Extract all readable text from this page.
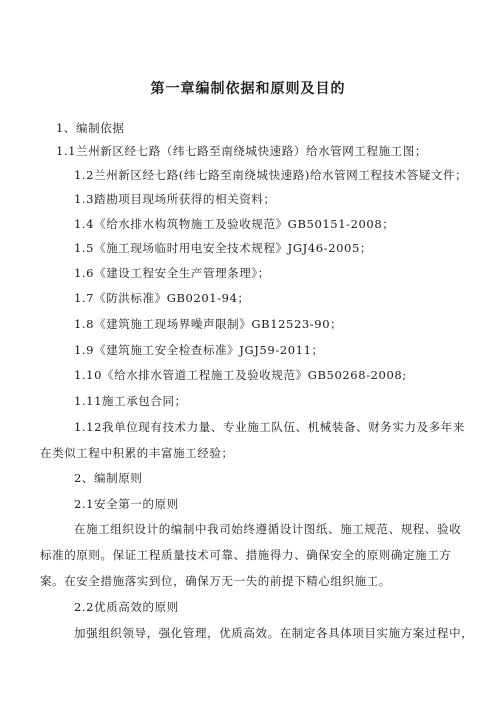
第一章编制依据和原则及目的
1、编制依据
1.1兰州新区经七路（纬七路至南绕城快速路）给水管网工程施工图；
1.2兰州新区经七路(纬七路至南绕城快速路)给水管网工程技术答疑文件；
1.3踏勘项目现场所获得的相关资料；
1.4《给水排水构筑物施工及验收规范》GB50151-2008；
1.5《施工现场临时用电安全技术规程》JGJ46-2005；
1.6《建设工程安全生产管理条理》；
1.7《防洪标准》GB0201-94；
1.8《建筑施工现场界噪声限制》GB12523-90；
1.9《建筑施工安全检查标准》JGJ59-2011；
1.10《给水排水管道工程施工及验收规范》GB50268-2008;
1.11施工承包合同；
1.12我单位现有技术力量、专业施工队伍、机械装备、财务实力及多年来
在类似工程中积累的丰富施工经验；
2、编制原则
2.1安全第一的原则
在施工组织设计的编制中我司始终遵循设计图纸、施工规范、规程、验收
标准的原则。保证工程质量技术可靠、措施得力、确保安全的原则确定施工方
案。在安全措施落实到位，确保万无一失的前提下精心组织施工。
2.2优质高效的原则
加强组织领导，强化管理，优质高效。在制定各具体项目实施方案过程中，
